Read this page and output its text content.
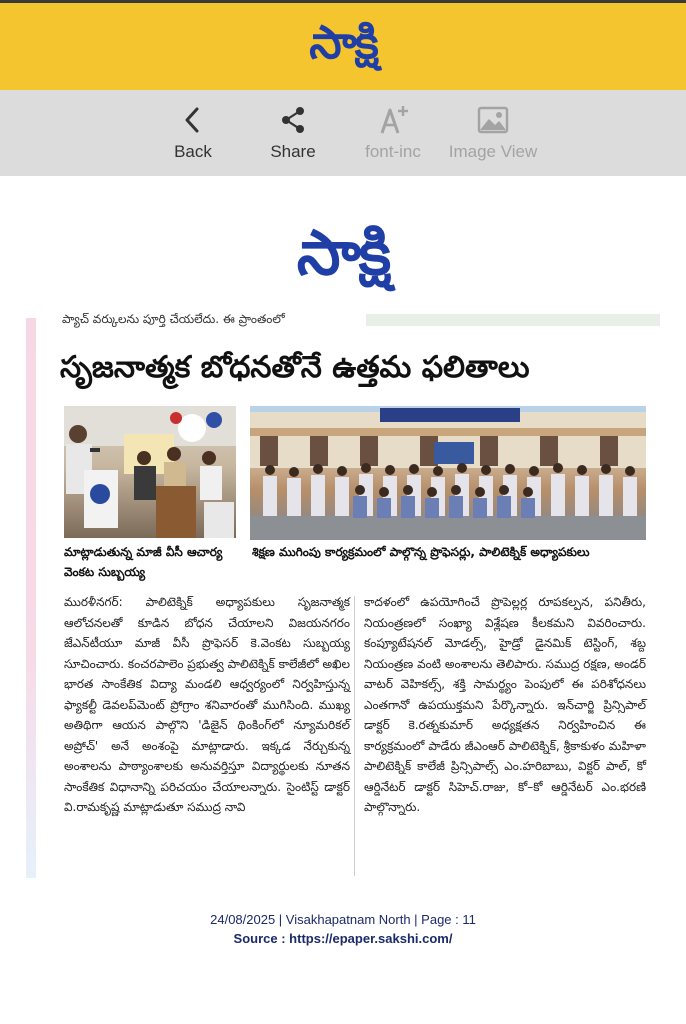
సాక్షి
Back	Share	font-inc	Image View
సాక్షి
ప్యాచ్ వర్కులను పూర్తి చేయలేదు. ఈ ప్రాంతంలో
సృజనాత్మక బోధనతోనే ఉత్తమ ఫలితాలు
మాట్లాడుతున్న మాజీ వీసీ ఆచార్య వెంకట సుబ్బయ్య
శిక్షణ ముగింపు కార్యక్రమంలో పాల్గొన్న ప్రొఫెసర్లు, పాలిటెక్నిక్ అధ్యాపకులు
మురళీనగర్: పాలిటెక్నిక్ అధ్యాపకులు సృజనాత్మక ఆలోచనలతో కూడిన బోధన చేయాలని విజయనగరం జేఎన్‌టీయూ మాజీ వీసీ ప్రొఫెసర్ కె.వెంకట సుబ్బయ్య సూచించారు. కంచరపాలెం ప్రభుత్వ పాలిటెక్నిక్ కాలేజీలో అఖిల భారత సాంకేతిక విద్యా మండలి ఆధ్వర్యంలో నిర్వహిస్తున్న ఫ్యాకల్టీ డెవలప్‌మెంట్ ప్రోగ్రాం శనివారంతో ముగిసింది. ముఖ్య అతిథిగా ఆయన పాల్గొని 'డిజైన్ థింకింగ్‌లో న్యూమరికల్ అప్రోచ్' అనే అంశంపై మాట్లాడారు. ఇక్కడ నేర్చుకున్న అంశాలను పాఠ్యాంశాలకు అనువర్తిస్తూ విద్యార్థులకు నూతన సాంకేతిక విధానాన్ని పరిచయం చేయాలన్నారు. సైంటిస్ట్ డాక్టర్ వి.రామకృష్ణ మాట్లాడుతూ సముద్ర నావి
కాదళంలో ఉపయోగించే ప్రొపెల్లర్ల రూపకల్పన, పనితీరు, నియంత్రణలో సంఖ్యా విశ్లేషణ కీలకమని వివరించారు. కంప్యూటేషనల్ మోడల్స్, హైడ్రో డైనమిక్ టెస్టింగ్, శబ్ద నియంత్రణ వంటి అంశాలను తెలిపారు. సముద్ర రక్షణ, అండర్ వాటర్ వెహికల్స్, శక్తి సామర్థ్యం పెంపులో ఈ పరిశోధనలు ఎంతగానో ఉపయుక్తమని పేర్కొన్నారు. ఇన్‌చార్జి ప్రిన్సిపాల్ డాక్టర్ కె.రత్నకుమార్ అధ్యక్షతన నిర్వహించిన ఈ కార్యక్రమంలో పాడేరు జీఎంఆర్ పాలిటెక్నిక్, శ్రీకాకుళం మహిళా పాలిటెక్నిక్ కాలేజీ ప్రిన్సిపాల్స్ ఎం.హరిబాబు, విక్టర్ పాల్, కో ఆర్డినేటర్ డాక్టర్ సిహెచ్.రాజు, కో–కో ఆర్డినేటర్ ఎం.భరణి పాల్గొన్నారు.
24/08/2025 | Visakhapatnam North | Page : 11
Source : https://epaper.sakshi.com/
